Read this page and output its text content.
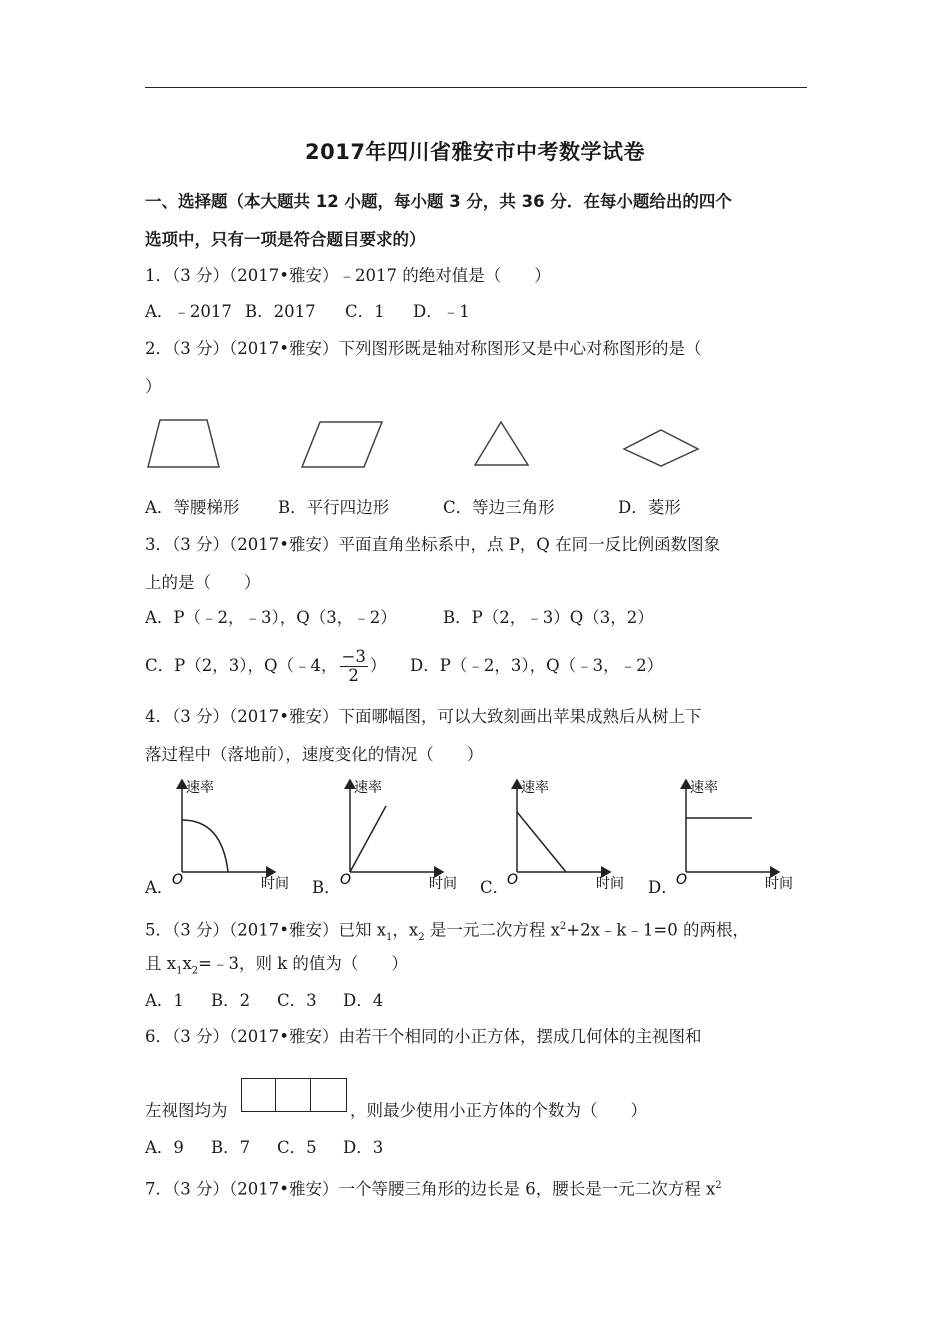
2017年四川省雅安市中考数学试卷
一、选择题（本大题共 12 小题，每小题 3 分，共 36 分．在每小题给出的四个
选项中，只有一项是符合题目要求的）
1．（3 分）（2017•雅安）﹣2017 的绝对值是（　　）
A．﹣2017 B．2017 C．1 D．﹣1
2．（3 分）（2017•雅安）下列图形既是轴对称图形又是中心对称图形的是（
）
A．等腰梯形 B．平行四边形	C．等边三角形	D．菱形
3．（3 分）（2017•雅安）平面直角坐标系中，点 P，Q 在同一反比例函数图象
上的是（　　）
A．P（﹣2，﹣3），Q（3，﹣2）	B．P（2，﹣3）Q（3，2）
C．P（2，3），Q（﹣4， $\frac{-3}{2}$ ） D．P（﹣2，3），Q（﹣3，﹣2）
4．（3 分）（2017•雅安）下面哪幅图，可以大致刻画出苹果成熟后从树上下
落过程中（落地前），速度变化的情况（　　）
速率
时间
O
速率
时间
O
速率
时间
O
速率
时间
O
A．	B．	C．	D．
5．（3 分）（2017•雅安）已知 $x_1$，$x_2$ 是一元二次方程 $x^2+2x﹣k﹣1=0$ 的两根，
且 $x_1x_2=﹣3$，则 k 的值为（　　）
A．1 B．2 C．3 D．4
6．（3 分）（2017•雅安）由若干个相同的小正方体，摆成几何体的主视图和
左视图均为	，则最少使用小正方体的个数为（　　）
A．9 B．7 C．5 D．3
7．（3 分）（2017•雅安）一个等腰三角形的边长是 6，腰长是一元二次方程 $x^2$
